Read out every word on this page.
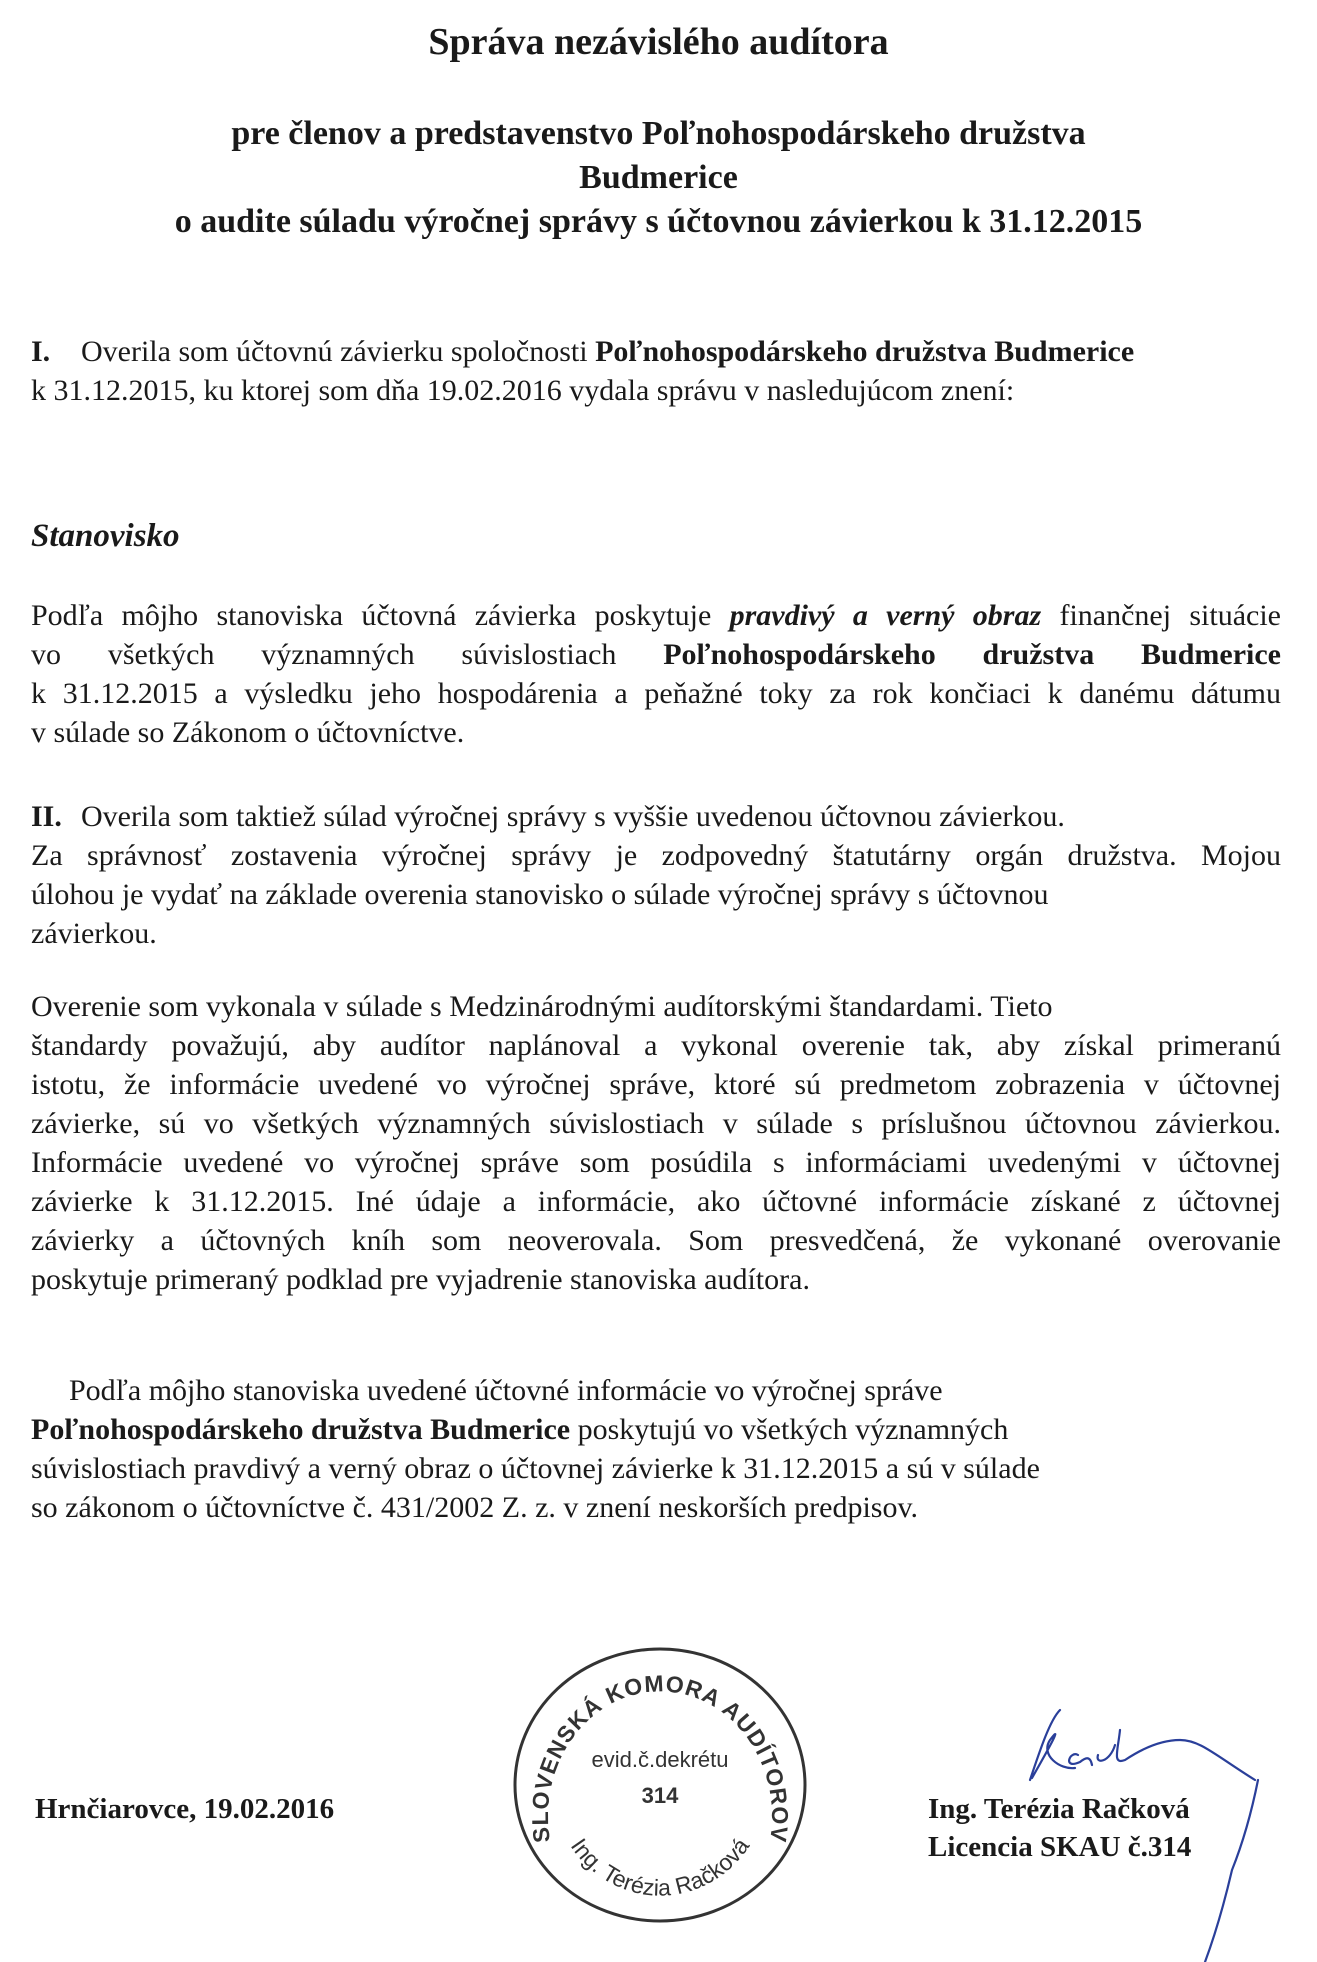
Správa nezávislého audítora
pre členov a predstavenstvo Poľnohospodárskeho družstva
Budmerice
o audite súladu výročnej správy s účtovnou závierkou k 31.12.2015
I. Overila som účtovnú závierku spoločnosti Poľnohospodárskeho družstva Budmerice
k 31.12.2015, ku ktorej som dňa 19.02.2016 vydala správu v nasledujúcom znení:
Stanovisko
Podľa môjho stanoviska účtovná závierka poskytuje pravdivý a verný obraz finančnej situácie
vo všetkých významných súvislostiach Poľnohospodárskeho družstva Budmerice
k 31.12.2015 a výsledku jeho hospodárenia a peňažné toky za rok končiaci k danému dátumu
v súlade so Zákonom o účtovníctve.
II. Overila som taktiež súlad výročnej správy s vyššie uvedenou účtovnou závierkou.
Za správnosť zostavenia výročnej správy je zodpovedný štatutárny orgán družstva. Mojou
úlohou je vydať na základe overenia stanovisko o súlade výročnej správy s účtovnou
závierkou.
Overenie som vykonala v súlade s Medzinárodnými audítorskými štandardami. Tieto
štandardy považujú, aby audítor naplánoval a vykonal overenie tak, aby získal primeranú
istotu, že informácie uvedené vo výročnej správe, ktoré sú predmetom zobrazenia v účtovnej
závierke, sú vo všetkých významných súvislostiach v súlade s príslušnou účtovnou závierkou.
Informácie uvedené vo výročnej správe som posúdila s informáciami uvedenými v účtovnej
závierke k 31.12.2015. Iné údaje a informácie, ako účtovné informácie získané z účtovnej
závierky a účtovných kníh som neoverovala. Som presvedčená, že vykonané overovanie
poskytuje primeraný podklad pre vyjadrenie stanoviska audítora.
Podľa môjho stanoviska uvedené účtovné informácie vo výročnej správe
Poľnohospodárskeho družstva Budmerice poskytujú vo všetkých významných
súvislostiach pravdivý a verný obraz o účtovnej závierke k 31.12.2015 a sú v súlade
so zákonom o účtovníctve č. 431/2002 Z. z. v znení neskorších predpisov.
Hrnčiarovce, 19.02.2016
SLOVENSKÁ KOMORA AUDÍTOROV
Ing. Terézia Račková
evid.č.dekrétu
314	Ing. Terézia Račková
Licencia SKAU č.314
